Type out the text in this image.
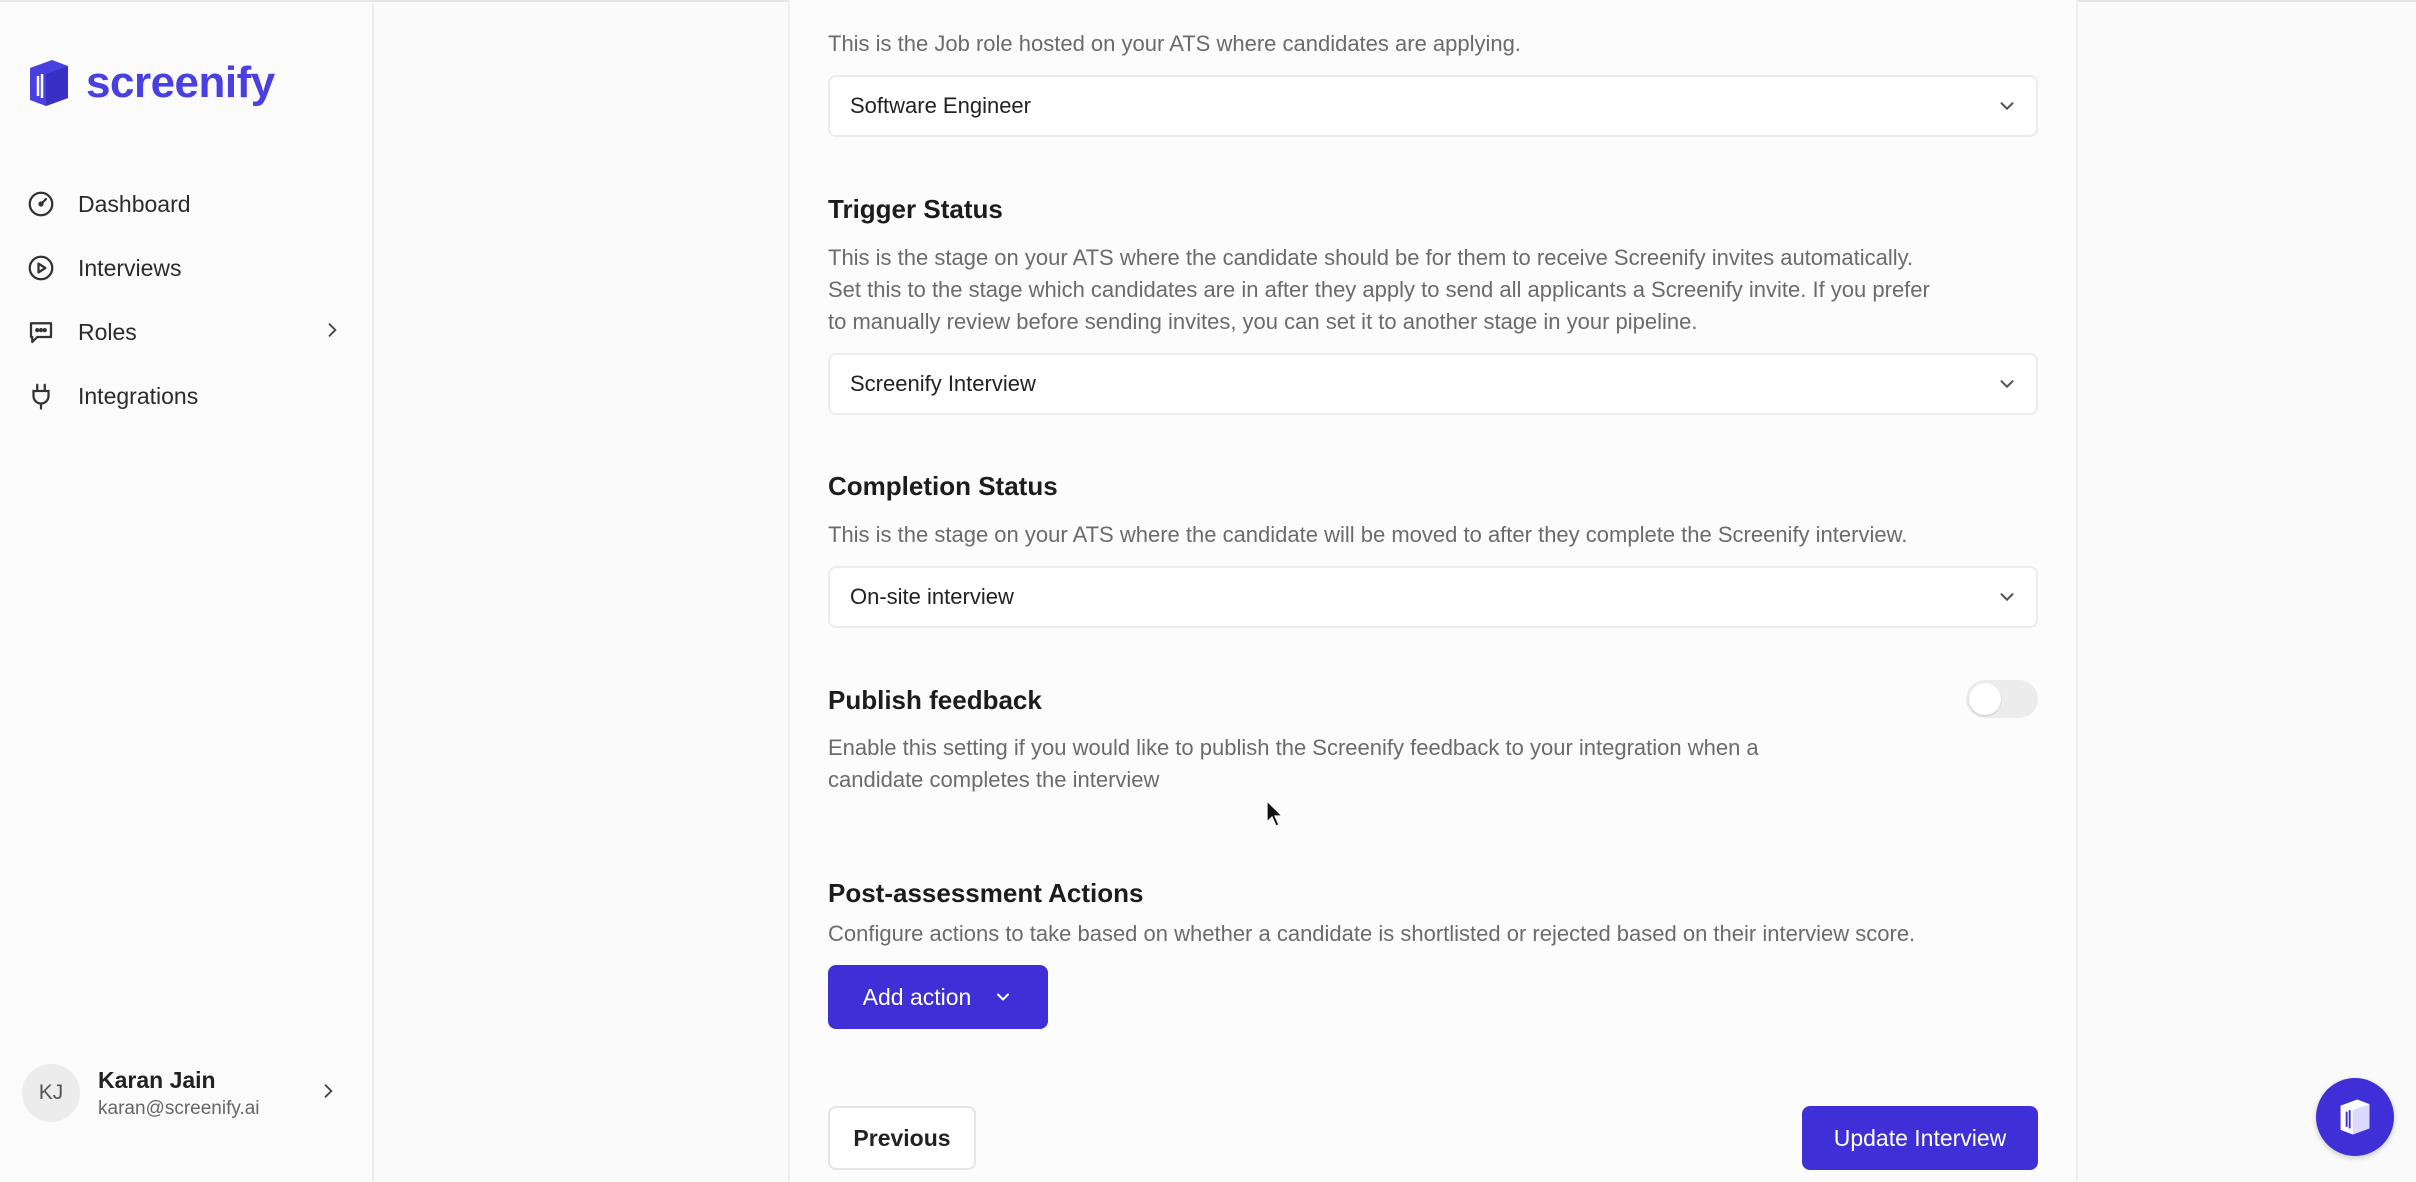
screenify
Dashboard
Interviews
Roles
Integrations
KJ	Karan Jain
karan@screenify.ai
This is the Job role hosted on your ATS where candidates are applying.
Software Engineer
Trigger Status
This is the stage on your ATS where the candidate should be for them to receive Screenify invites automatically.
Set this to the stage which candidates are in after they apply to send all applicants a Screenify invite. If you prefer
to manually review before sending invites, you can set it to another stage in your pipeline.
Screenify Interview
Completion Status
This is the stage on your ATS where the candidate will be moved to after they complete the Screenify interview.
On-site interview
Publish feedback
Enable this setting if you would like to publish the Screenify feedback to your integration when a
candidate completes the interview
Post-assessment Actions
Configure actions to take based on whether a candidate is shortlisted or rejected based on their interview score.
Add action
Previous	Update Interview
